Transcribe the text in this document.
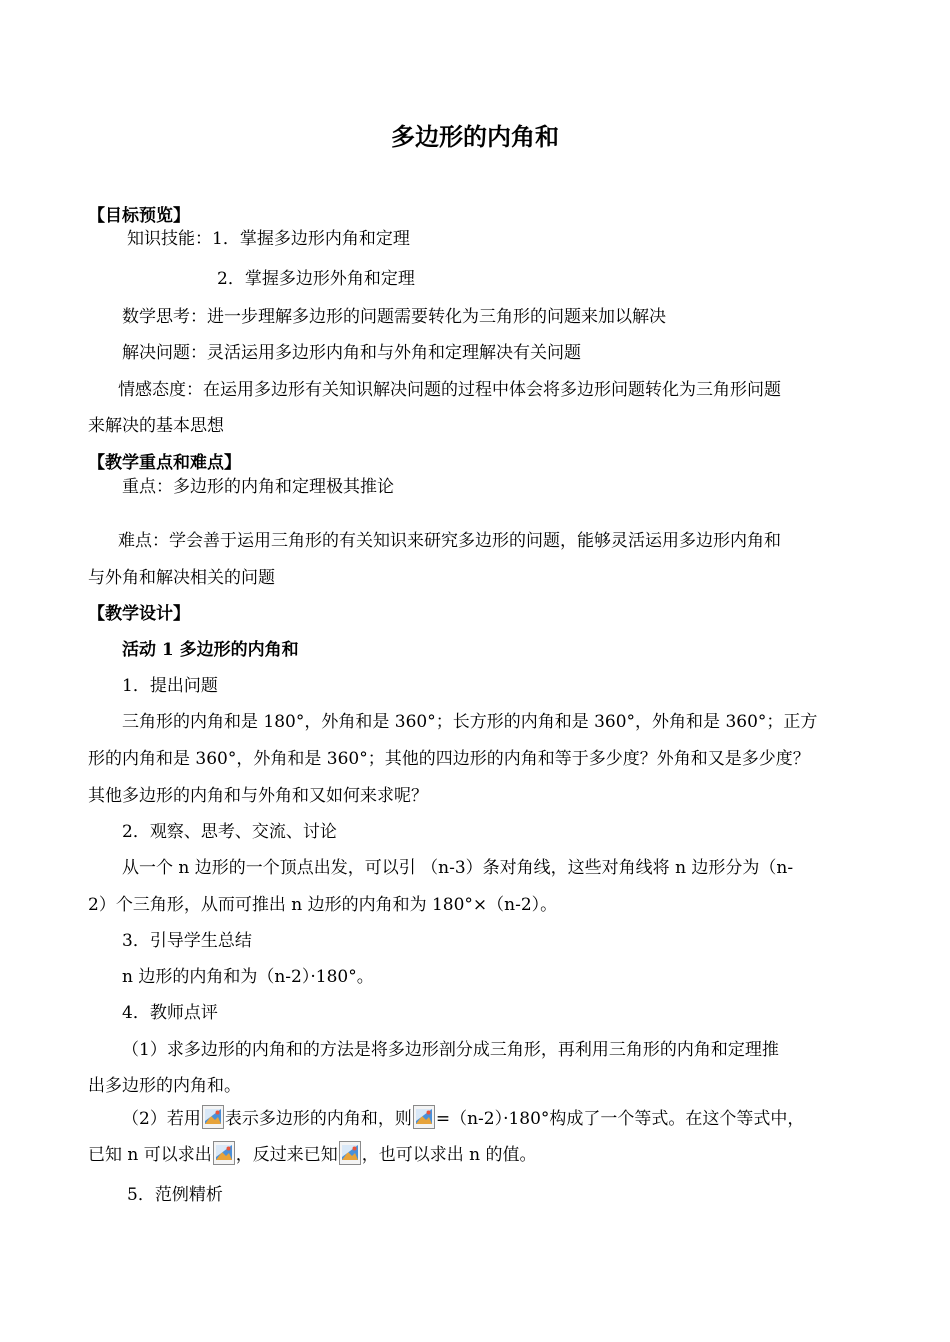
多边形的内角和
【目标预览】
知识技能：1．掌握多边形内角和定理
2．掌握多边形外角和定理
数学思考：进一步理解多边形的问题需要转化为三角形的问题来加以解决
解决问题：灵活运用多边形内角和与外角和定理解决有关问题
情感态度：在运用多边形有关知识解决问题的过程中体会将多边形问题转化为三角形问题
来解决的基本思想
【教学重点和难点】
重点：多边形的内角和定理极其推论
难点：学会善于运用三角形的有关知识来研究多边形的问题，能够灵活运用多边形内角和
与外角和解决相关的问题
【教学设计】
活动 1 多边形的内角和
1．提出问题
三角形的内角和是 180°，外角和是 360°；长方形的内角和是 360°，外角和是 360°；正方
形的内角和是 360°，外角和是 360°；其他的四边形的内角和等于多少度？外角和又是多少度？
其他多边形的内角和与外角和又如何来求呢？
2．观察、思考、交流、讨论
从一个 n 边形的一个顶点出发，可以引 （n-3）条对角线，这些对角线将 n 边形分为（n-
2）个三角形，从而可推出 n 边形的内角和为 180°×（n-2）。
3．引导学生总结
n 边形的内角和为（n-2）·180°。
4．教师点评
（1）求多边形的内角和的方法是将多边形剖分成三角形，再利用三角形的内角和定理推
出多边形的内角和。
（2）若用 表示多边形的内角和，则 =（n-2）·180°构成了一个等式。在这个等式中，
已知 n 可以求出 ，反过来已知 ，也可以求出 n 的值。
5．范例精析
